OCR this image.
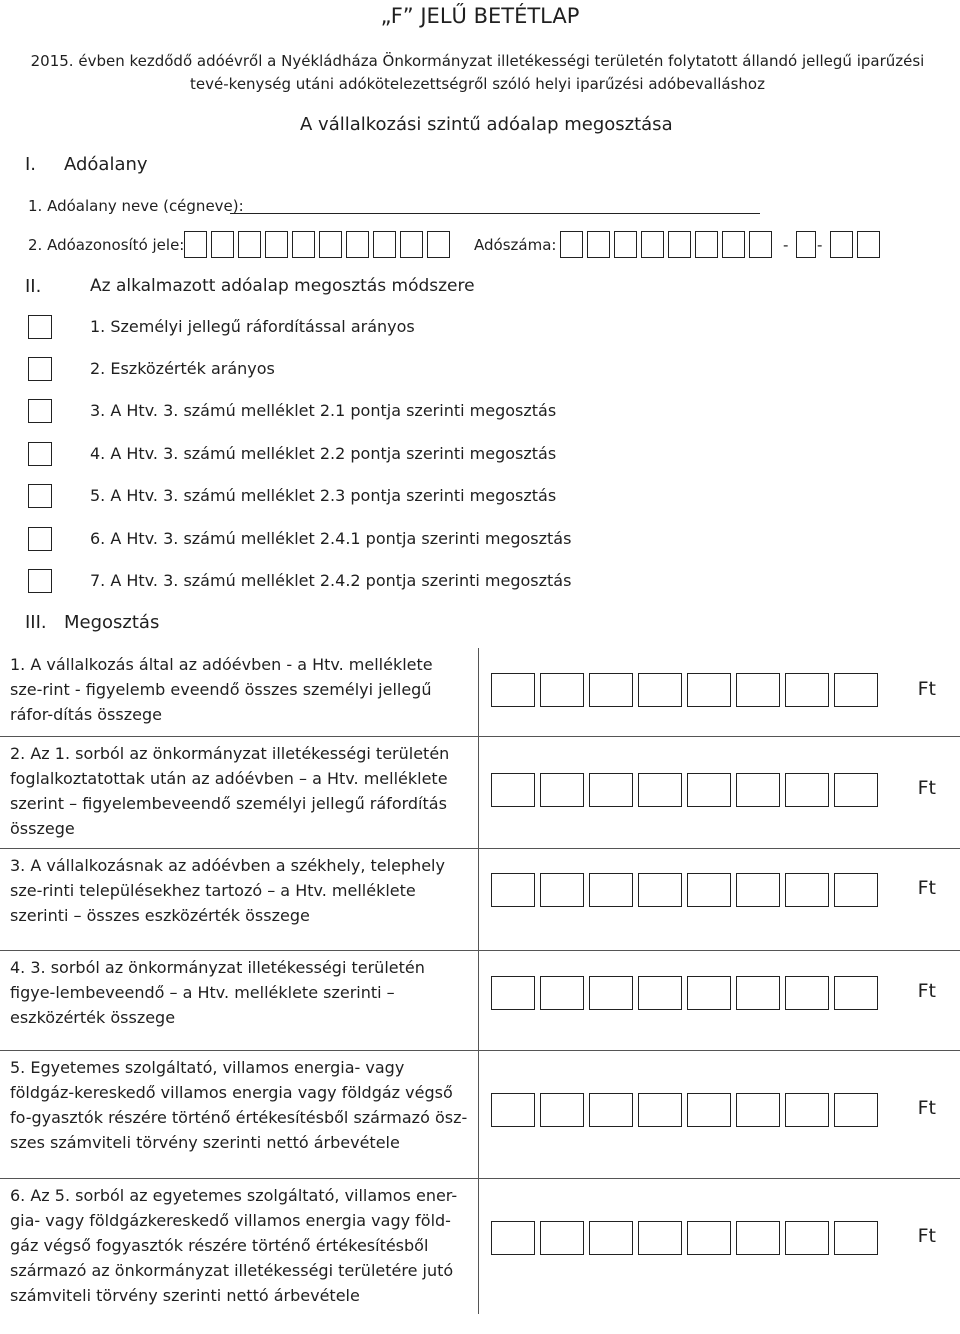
„F” JELŰ BETÉTLAP
2015. évben kezdődő adóévről a Nyékládháza Önkormányzat illetékességi területén folytatott állandó jellegű iparűzési tevé-kenység utáni adókötelezettségről szóló helyi iparűzési adóbevalláshoz
A vállalkozási szintű adóalap megosztása
I. Adóalany
1. Adóalany neve (cégneve):
2. Adóazonosító jele:	Adószáma:	- -
II.	Az alkalmazott adóalap megosztás módszere
1. Személyi jellegű ráfordítással arányos
2. Eszközérték arányos
3. A Htv. 3. számú melléklet 2.1 pontja szerinti megosztás
4. A Htv. 3. számú melléklet 2.2 pontja szerinti megosztás
5. A Htv. 3. számú melléklet 2.3 pontja szerinti megosztás
6. A Htv. 3. számú melléklet 2.4.1 pontja szerinti megosztás
7. A Htv. 3. számú melléklet 2.4.2 pontja szerinti megosztás
III. Megosztás
1. A vállalkozás által az adóévben - a Htv. melléklete sze-rint - figyelemb eveendő összes személyi jellegű ráfor-dítás összege	Ft

2. Az 1. sorból az önkormányzat illetékességi területén foglalkoztatottak után az adóévben – a Htv. melléklete szerint – figyelembeveendő személyi jellegű ráfordítás összege	Ft

3. A vállalkozásnak az adóévben a székhely, telephely sze-rinti településekhez tartozó – a Htv. melléklete szerinti – összes eszközérték összege	Ft

4. 3. sorból az önkormányzat illetékességi területén figye-lembeveendő – a Htv. melléklete szerinti – eszközérték összege	Ft

5. Egyetemes szolgáltató, villamos energia- vagy földgáz-kereskedő villamos energia vagy földgáz végső fo-gyasztók részére történő értékesítésből származó ösz-szes számviteli törvény szerinti nettó árbevétele	Ft

6. Az 5. sorból az egyetemes szolgáltató, villamos ener-gia- vagy földgázkereskedő villamos energia vagy föld-gáz végső fogyasztók részére történő értékesítésből származó az önkormányzat illetékességi területére jutó számviteli törvény szerinti nettó árbevétele	Ft
